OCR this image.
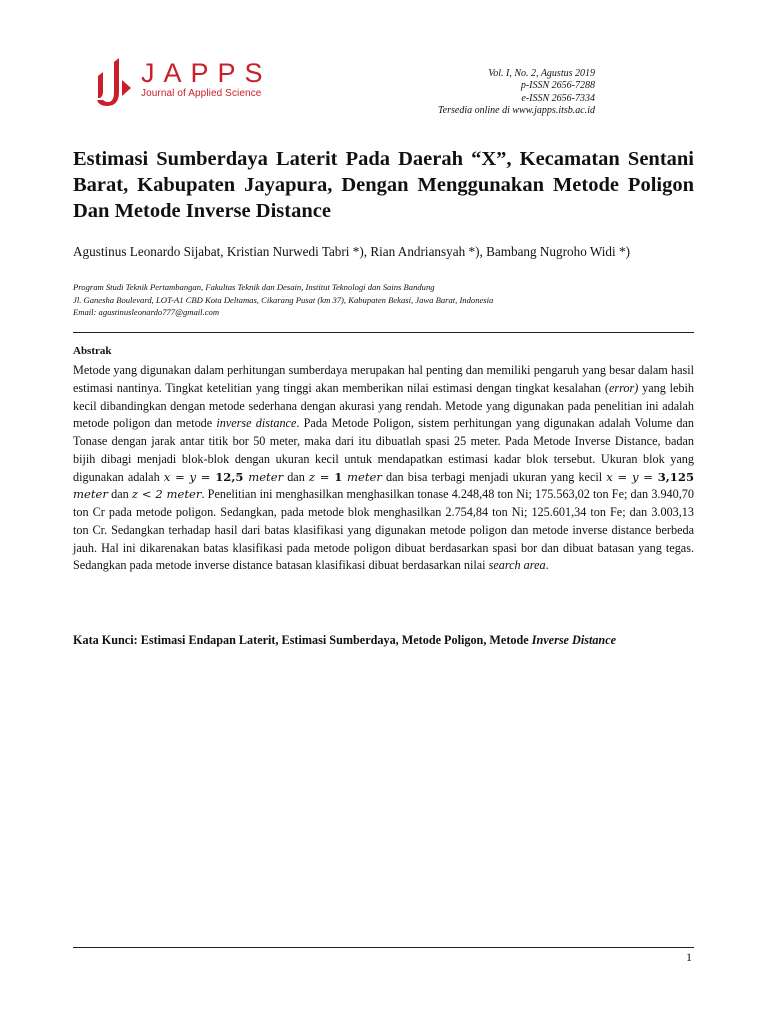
JAPPS
Journal of Applied Science
Vol. I, No. 2, Agustus 2019
p-ISSN 2656-7288
e-ISSN 2656-7334
Tersedia online di www.japps.itsb.ac.id
Estimasi Sumberdaya Laterit Pada Daerah “X”, Kecamatan Sentani Barat, Kabupaten Jayapura, Dengan Menggunakan Metode Poligon Dan Metode Inverse Distance
Agustinus Leonardo Sijabat, Kristian Nurwedi Tabri *), Rian Andriansyah *), Bambang Nugroho Widi *)
Program Studi Teknik Pertambangan, Fakultas Teknik dan Desain, Institut Teknologi dan Sains Bandung
Jl. Ganesha Boulevard, LOT-A1 CBD Kota Deltamas, Cikarang Pusat (km 37), Kabupaten Bekasi, Jawa Barat, Indonesia
Email: agustinusleonardo777@gmail.com
Abstrak

Metode yang digunakan dalam perhitungan sumberdaya merupakan hal penting dan memiliki pengaruh yang besar dalam hasil estimasi nantinya. Tingkat ketelitian yang tinggi akan memberikan nilai estimasi dengan tingkat kesalahan (error) yang lebih kecil dibandingkan dengan metode sederhana dengan akurasi yang rendah. Metode yang digunakan pada penelitian ini adalah metode poligon dan metode inverse distance. Pada Metode Poligon, sistem perhitungan yang digunakan adalah Volume dan Tonase dengan jarak antar titik bor 50 meter, maka dari itu dibuatlah spasi 25 meter. Pada Metode Inverse Distance, badan bijih dibagi menjadi blok-blok dengan ukuran kecil untuk mendapatkan estimasi kadar blok tersebut. Ukuran blok yang digunakan adalah x = y = 12,5 meter dan z = 1 meter dan bisa terbagi menjadi ukuran yang kecil x = y = 3,125 meter dan z < 2 meter. Penelitian ini menghasilkan menghasilkan tonase 4.248,48 ton Ni; 175.563,02 ton Fe; dan 3.940,70 ton Cr pada metode poligon. Sedangkan, pada metode blok menghasilkan 2.754,84 ton Ni; 125.601,34 ton Fe; dan 3.003,13 ton Cr. Sedangkan terhadap hasil dari batas klasifikasi yang digunakan metode poligon dan metode inverse distance berbeda jauh. Hal ini dikarenakan batas klasifikasi pada metode poligon dibuat berdasarkan spasi bor dan dibuat batasan yang tegas. Sedangkan pada metode inverse distance batasan klasifikasi dibuat berdasarkan nilai search area.

Kata Kunci: Estimasi Endapan Laterit, Estimasi Sumberdaya, Metode Poligon, Metode Inverse Distance

1
